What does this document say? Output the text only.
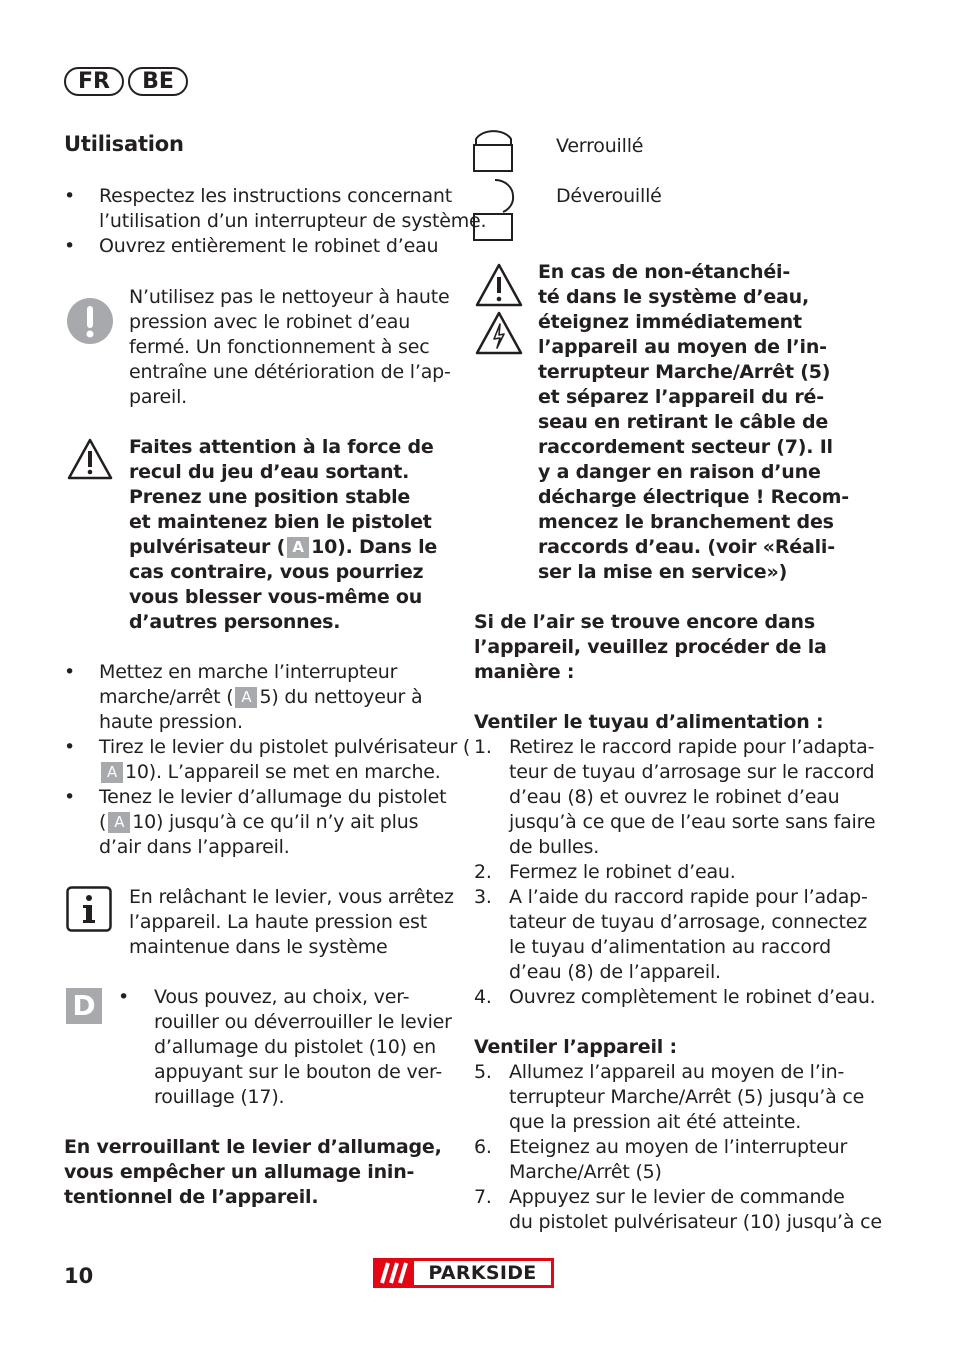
FR	BE
Utilisation
• Respectez les instructions concernant
l’utilisation d’un interrupteur de système.
• Ouvrez entièrement le robinet d’eau
N’utilisez pas le nettoyeur à haute
pression avec le robinet d’eau
fermé. Un fonctionnement à sec
entraîne une détérioration de l’ap-
pareil.
Faites attention à la force de
recul du jeu d’eau sortant.
Prenez une position stable
et maintenez bien le pistolet
pulvérisateur ( A 10). Dans le
cas contraire, vous pourriez
vous blesser vous-même ou
d’autres personnes.
• Mettez en marche l’interrupteur
marche/arrêt ( A 5) du nettoyeur à
haute pression.
• Tirez le levier du pistolet pulvérisateur (
A 10). L’appareil se met en marche.
• Tenez le levier d’allumage du pistolet
( A 10) jusqu’à ce qu’il n’y ait plus
d’air dans l’appareil.
En relâchant le levier, vous arrêtez
l’appareil. La haute pression est
maintenue dans le système
D	• Vous pouvez, au choix, ver-
rouiller ou déverrouiller le levier
d’allumage du pistolet (10) en
appuyant sur le bouton de ver-
rouillage (17).
En verrouillant le levier d’allumage,
vous empêcher un allumage inin-
tentionnel de l’appareil.
Verrouillé
Déverouillé
En cas de non-étanchéi-
té dans le système d’eau,
éteignez immédiatement
l’appareil au moyen de l’in-
terrupteur Marche/Arrêt (5)
et séparez l’appareil du ré-
seau en retirant le câble de
raccordement secteur (7). Il
y a danger en raison d’une
décharge électrique ! Recom-
mencez le branchement des
raccords d’eau. (voir «Réali-
ser la mise en service»)
Si de l’air se trouve encore dans
l’appareil, veuillez procéder de la
manière :
Ventiler le tuyau d’alimentation :
1. Retirez le raccord rapide pour l’adapta-
teur de tuyau d’arrosage sur le raccord
d’eau (8) et ouvrez le robinet d’eau
jusqu’à ce que de l’eau sorte sans faire
de bulles.
2. Fermez le robinet d’eau.
3. A l’aide du raccord rapide pour l’adap-
tateur de tuyau d’arrosage, connectez
le tuyau d’alimentation au raccord
d’eau (8) de l’appareil.
4. Ouvrez complètement le robinet d’eau.
Ventiler l’appareil :
5. Allumez l’appareil au moyen de l’in-
terrupteur Marche/Arrêt (5) jusqu’à ce
que la pression ait été atteinte.
6. Eteignez au moyen de l’interrupteur
Marche/Arrêt (5)
7. Appuyez sur le levier de commande
du pistolet pulvérisateur (10) jusqu’à ce
10	PARKSIDE
